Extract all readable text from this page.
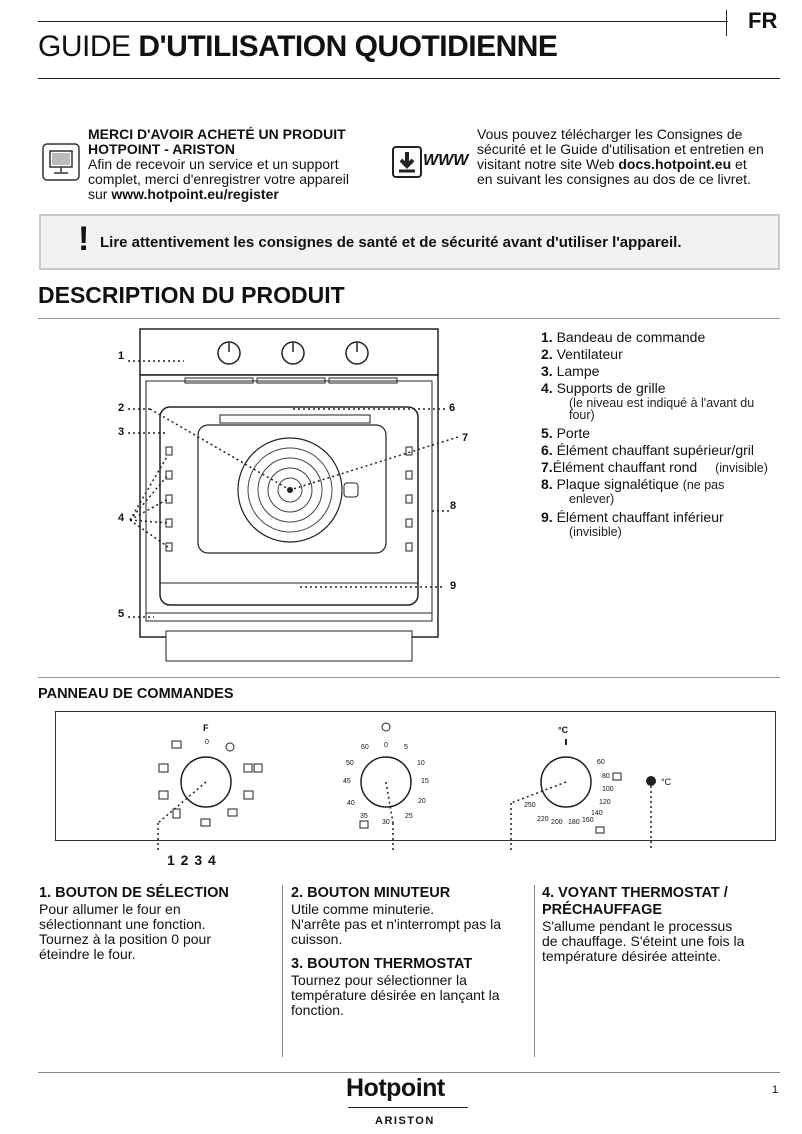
FR
GUIDE D'UTILISATION QUOTIDIENNE
MERCI D'AVOIR ACHETÉ UN PRODUIT
HOTPOINT - ARISTON
Afin de recevoir un service et un support
complet, merci d'enregistrer votre appareil
sur www.hotpoint.eu/register
WWW
Vous pouvez télécharger les Consignes de
sécurité et le Guide d'utilisation et entretien en
visitant notre site Web docs.hotpoint.eu et
en suivant les consignes au dos de ce livret.
! Lire attentivement les consignes de santé et de sécurité avant d'utiliser l'appareil.
DESCRIPTION DU PRODUIT
1
2
3
4
5
6
7
8
9
1. Bandeau de commande
2. Ventilateur
3. Lampe
4. Supports de grille
(le niveau est indiqué à l'avant du
four)
5. Porte
6. Élément chauffant supérieur/gril
7.Élément chauffant rond (invisible)
8. Plaque signalétique (ne pas
enlever)
9. Élément chauffant inférieur
(invisible)
PANNEAU DE COMMANDES
F
0
60 0 5
10
15
20
25
30
35
40
45
50
°C
60
80
100
120
140
160
180
200
220
250
°C
1 2 3 4
1. BOUTON DE SÉLECTION
Pour allumer le four en
sélectionnant une fonction.
Tournez à la position 0 pour
éteindre le four.
2. BOUTON MINUTEUR
Utile comme minuterie.
N'arrête pas et n'interrompt pas la
cuisson.
3. BOUTON THERMOSTAT
Tournez pour sélectionner la
température désirée en lançant la
fonction.
4. VOYANT THERMOSTAT /
PRÉCHAUFFAGE
S'allume pendant le processus
de chauffage. S'éteint une fois la
température désirée atteinte.
Hotpoint
ARISTON
1
